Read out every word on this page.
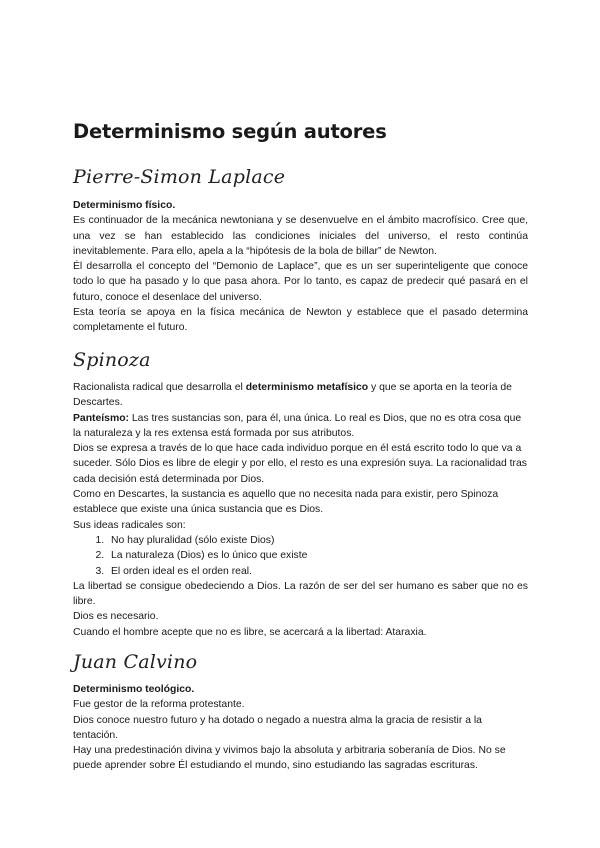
Determinismo según autores
Pierre-Simon Laplace

Determinismo físico.

Es continuador de la mecánica newtoniana y se desenvuelve en el ámbito macrofísico. Cree que, una vez se han establecido las condiciones iniciales del universo, el resto continúa inevitablemente. Para ello, apela a la “hipótesis de la bola de billar” de Newton.

Él desarrolla el concepto del “Demonio de Laplace”, que es un ser superinteligente que conoce todo lo que ha pasado y lo que pasa ahora. Por lo tanto, es capaz de predecir qué pasará en el futuro, conoce el desenlace del universo.

Esta teoría se apoya en la física mecánica de Newton y establece que el pasado determina completamente el futuro.

Spinoza

Racionalista radical que desarrolla el determinismo metafísico y que se aporta en la teoría de Descartes.

Panteísmo: Las tres sustancias son, para él, una única. Lo real es Dios, que no es otra cosa que la naturaleza y la res extensa está formada por sus atributos.

Dios se expresa a través de lo que hace cada individuo porque en él está escrito todo lo que va a suceder. Sólo Dios es libre de elegir y por ello, el resto es una expresión suya. La racionalidad tras cada decisión está determinada por Dios.

Como en Descartes, la sustancia es aquello que no necesita nada para existir, pero Spinoza establece que existe una única sustancia que es Dios.

Sus ideas radicales son:

1. No hay pluralidad (sólo existe Dios)
2. La naturaleza (Dios) es lo único que existe
3. El orden ideal es el orden real.

La libertad se consigue obedeciendo a Dios. La razón de ser del ser humano es saber que no es libre.

Dios es necesario.

Cuando el hombre acepte que no es libre, se acercará a la libertad: Ataraxia.

Juan Calvino

Determinismo teológico.

Fue gestor de la reforma protestante.

Dios conoce nuestro futuro y ha dotado o negado a nuestra alma la gracia de resistir a la tentación.

Hay una predestinación divina y vivimos bajo la absoluta y arbitraria soberanía de Dios. No se puede aprender sobre Él estudiando el mundo, sino estudiando las sagradas escrituras.
